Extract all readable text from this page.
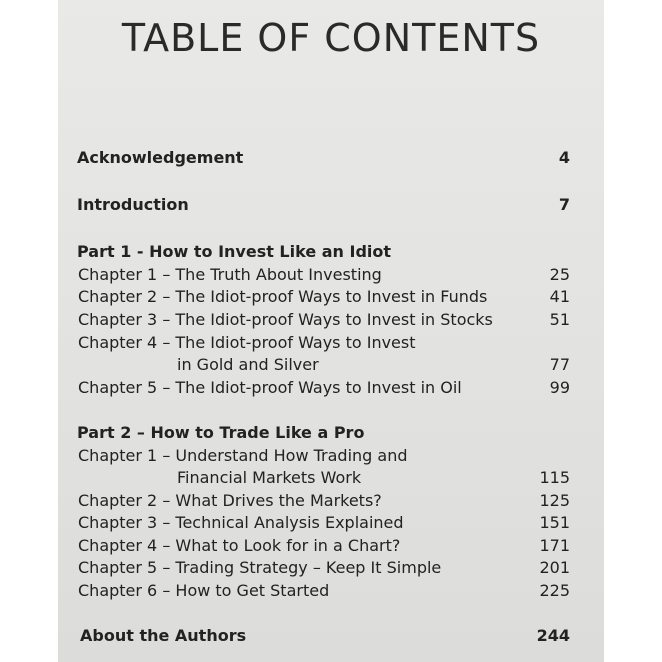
TABLE OF CONTENTS
Acknowledgement	4
Introduction	7
Part 1 - How to Invest Like an Idiot
Chapter 1 – The Truth About Investing	25
Chapter 2 – The Idiot-proof Ways to Invest in Funds	41
Chapter 3 – The Idiot-proof Ways to Invest in Stocks	51
Chapter 4 – The Idiot-proof Ways to Invest
in Gold and Silver	77
Chapter 5 – The Idiot-proof Ways to Invest in Oil	99
Part 2 – How to Trade Like a Pro
Chapter 1 – Understand How Trading and
Financial Markets Work	115
Chapter 2 – What Drives the Markets?	125
Chapter 3 – Technical Analysis Explained	151
Chapter 4 – What to Look for in a Chart?	171
Chapter 5 – Trading Strategy – Keep It Simple	201
Chapter 6 – How to Get Started	225
About the Authors	244
